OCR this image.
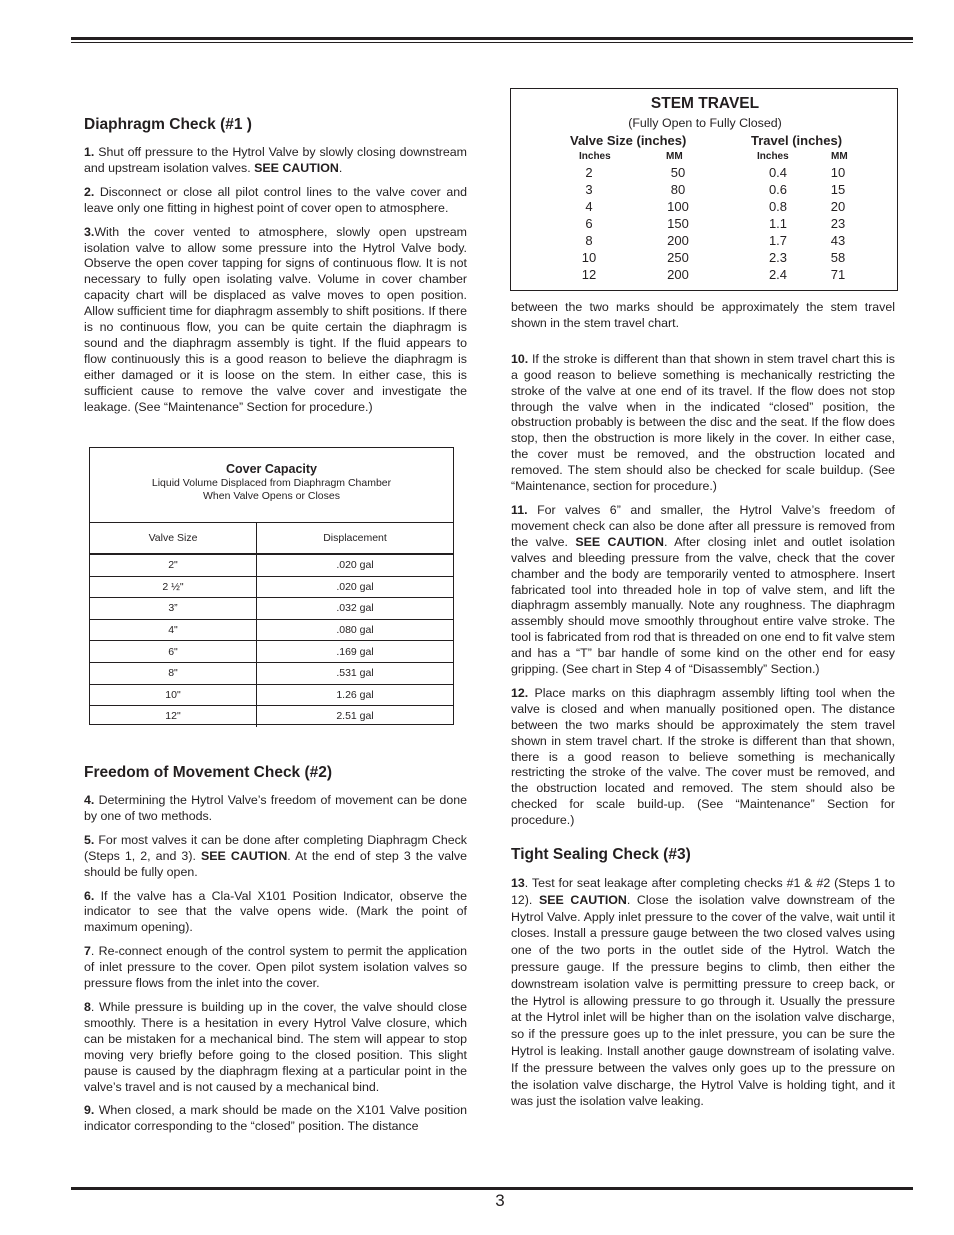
Diaphragm Check (#1 )

1. Shut off pressure to the Hytrol Valve by slowly closing downstream and upstream isolation valves. SEE CAUTION.

2. Disconnect or close all pilot control lines to the valve cover and leave only one fitting in highest point of cover open to atmosphere.

3.With the cover vented to atmosphere, slowly open upstream isolation valve to allow some pressure into the Hytrol Valve body. Observe the open cover tapping for signs of continuous flow. It is not necessary to fully open isolating valve. Volume in cover chamber capacity chart will be displaced as valve moves to open position. Allow sufficient time for diaphragm assembly to shift positions. If there is no continuous flow, you can be quite certain the diaphragm is sound and the diaphragm assembly is tight. If the fluid appears to flow continuously this is a good reason to believe the diaphragm is either damaged or it is loose on the stem. In either case, this is sufficient cause to remove the valve cover and investigate the leakage. (See “Maintenance” Section for procedure.)

Cover Capacity
Liquid Volume Displaced from Diaphragm Chamber
When Valve Opens or Closes
Valve Size	Displacement
2"	.020 gal
2 ½"	.020 gal
3”	.032 gal
4"	.080 gal
6"	.169 gal
8"	.531 gal
10"	1.26 gal
12"	2.51 gal
Freedom of Movement Check (#2)

4. Determining the Hytrol Valve’s freedom of movement can be done by one of two methods.

5. For most valves it can be done after completing Diaphragm Check (Steps 1, 2, and 3). SEE CAUTION. At the end of step 3 the valve should be fully open.

6. If the valve has a Cla-Val X101 Position Indicator, observe the indicator to see that the valve opens wide. (Mark the point of maximum opening).

7. Re-connect enough of the control system to permit the application of inlet pressure to the cover. Open pilot system isolation valves so pressure flows from the inlet into the cover.

8. While pressure is building up in the cover, the valve should close smoothly. There is a hesitation in every Hytrol Valve closure, which can be mistaken for a mechanical bind. The stem will appear to stop moving very briefly before going to the closed position. This slight pause is caused by the diaphragm flexing at a particular point in the valve’s travel and is not caused by a mechanical bind.

9. When closed, a mark should be made on the X101 Valve position indicator corresponding to the “closed” position. The distance

STEM TRAVEL
(Fully Open to Fully Closed)
Valve Size (inches)	Travel (inches)
Inches	MM	Inches	MM
2	50	0.4	10
3	80	0.6	15
4	100	0.8	20
6	150	1.1	23
8	200	1.7	43
10	250	2.3	58
12	200	2.4	71

between the two marks should be approximately the stem travel shown in the stem travel chart.

10. If the stroke is different than that shown in stem travel chart this is a good reason to believe something is mechanically restricting the stroke of the valve at one end of its travel. If the flow does not stop through the valve when in the indicated “closed” position, the obstruction probably is between the disc and the seat. If the flow does stop, then the obstruction is more likely in the cover. In either case, the cover must be removed, and the obstruction located and removed. The stem should also be checked for scale buildup. (See “Maintenance, section for procedure.)

11. For valves 6” and smaller, the Hytrol Valve’s freedom of movement check can also be done after all pressure is removed from the valve. SEE CAUTION. After closing inlet and outlet isolation valves and bleeding pressure from the valve, check that the cover chamber and the body are temporarily vented to atmosphere. Insert fabricated tool into threaded hole in top of valve stem, and lift the diaphragm assembly manually. Note any roughness. The diaphragm assembly should move smoothly throughout entire valve stroke. The tool is fabricated from rod that is threaded on one end to fit valve stem and has a “T” bar handle of some kind on the other end for easy gripping. (See chart in Step 4 of “Disassembly” Section.)

12. Place marks on this diaphragm assembly lifting tool when the valve is closed and when manually positioned open. The distance between the two marks should be approximately the stem travel shown in stem travel chart. If the stroke is different than that shown, there is a good reason to believe something is mechanically restricting the stroke of the valve. The cover must be removed, and the obstruction located and removed. The stem should also be checked for scale build-up. (See “Maintenance” Section for procedure.)

Tight Sealing Check (#3)

13. Test for seat leakage after completing checks #1 & #2 (Steps 1 to 12). SEE CAUTION. Close the isolation valve downstream of the Hytrol Valve. Apply inlet pressure to the cover of the valve, wait until it closes. Install a pressure gauge between the two closed valves using one of the two ports in the outlet side of the Hytrol. Watch the pressure gauge. If the pressure begins to climb, then either the downstream isolation valve is permitting pressure to creep back, or the Hytrol is allowing pressure to go through it. Usually the pressure at the Hytrol inlet will be higher than on the isolation valve discharge, so if the pressure goes up to the inlet pressure, you can be sure the Hytrol is leaking. Install another gauge downstream of isolating valve. If the pressure between the valves only goes up to the pressure on the isolation valve discharge, the Hytrol Valve is holding tight, and it was just the isolation valve leaking.

3
